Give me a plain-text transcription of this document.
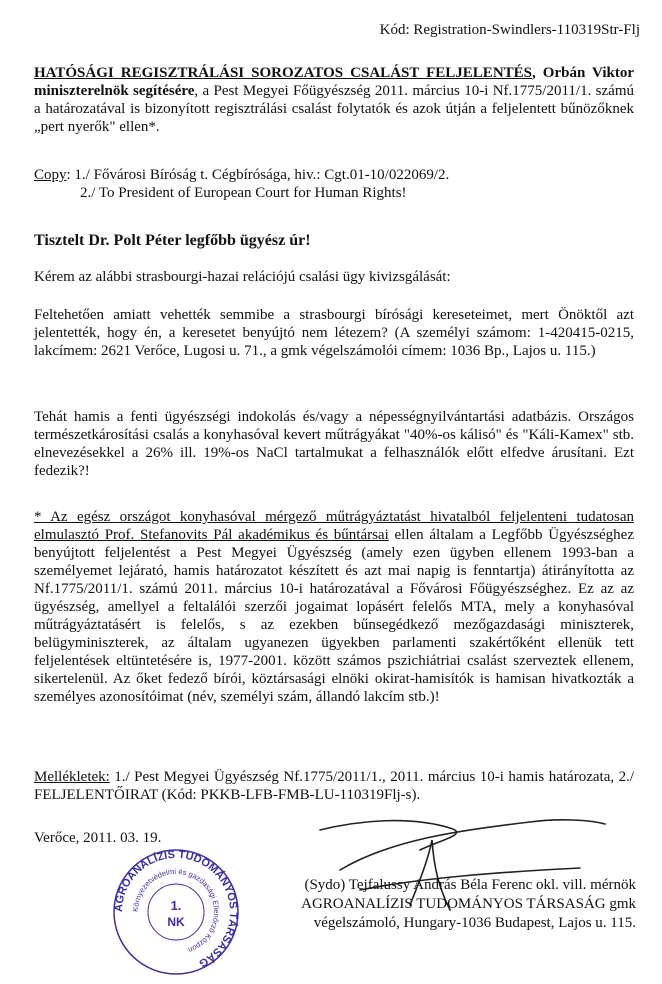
Kód: Registration-Swindlers-110319Str-Flj
HATÓSÁGI REGISZTRÁLÁSI SOROZATOS CSALÁST FELJELENTÉS, Orbán Viktor miniszterelnök segítésére, a Pest Megyei Főügyészség 2011. március 10-i Nf.1775/2011/1. számú a határozatával is bizonyított regisztrálási csalást folytatók és azok útján a feljelentett bűnözőknek „pert nyerők" ellen*.
Copy: 1./ Fővárosi Bíróság t. Cégbírósága, hiv.: Cgt.01-10/022069/2.
2./ To President of European Court for Human Rights!
Tisztelt Dr. Polt Péter legfőbb ügyész úr!
Kérem az alábbi strasbourgi-hazai relációjú csalási ügy kivizsgálását:
Feltehetően amiatt vehették semmibe a strasbourgi bírósági kereseteimet, mert Önöktől azt jelentették, hogy én, a keresetet benyújtó nem létezem? (A személyi számom: 1-420415-0215, lakcímem: 2621 Verőce, Lugosi u. 71., a gmk végelszámolói címem: 1036 Bp., Lajos u. 115.)
Tehát hamis a fenti ügyészségi indokolás és/vagy a népességnyilvántartási adatbázis. Országos természetkárosítási csalás a konyhasóval kevert műtrágyákat "40%-os kálisó" és "Káli-Kamex" stb. elnevezésekkel a 26% ill. 19%-os NaCl tartalmukat a felhasználók előtt elfedve árusítani. Ezt fedezik?!
* Az egész országot konyhasóval mérgező műtrágyáztatást hivatalból feljelenteni tudatosan elmulasztó Prof. Stefanovits Pál akadémikus és bűntársai ellen általam a Legfőbb Ügyészséghez benyújtott feljelentést a Pest Megyei Ügyészség (amely ezen ügyben ellenem 1993-ban a személyemet lejárató, hamis határozatot készített és azt mai napig is fenntartja) átirányította az Nf.1775/2011/1. számú 2011. március 10-i határozatával a Fővárosi Főügyészséghez. Ez az az ügyészség, amellyel a feltalálói szerzői jogaimat lopásért felelős MTA, mely a konyhasóval műtrágyáztatásért is felelős, s az ezekben bűnsegédkező mezőgazdasági miniszterek, belügyminiszterek, az általam ugyanezen ügyekben parlamenti szakértőként ellenük tett feljelentések eltüntetésére is, 1977-2001. között számos pszichiátriai csalást szerveztek ellenem, sikertelenül. Az őket fedező bírói, köztársasági elnöki okirat-hamisítók is hamisan hivatkozták a személyes azonosítóimat (név, személyi szám, állandó lakcím stb.)!
Mellékletek: 1./ Pest Megyei Ügyészség Nf.1775/2011/1., 2011. március 10-i hamis határozata, 2./ FELJELENTŐIRAT (Kód: PKKB-LFB-FMB-LU-110319Flj-s).
Verőce, 2011. 03. 19.
AGROANALÍZIS TUDOMÁNYOS TÁRSASÁG
Környezetvédelmi és gazdasági Ellenőrző Közpon
1.
NK
(Sydo) Tejfalussy András Béla Ferenc okl. vill. mérnök
AGROANALÍZIS TUDOMÁNYOS TÁRSASÁG gmk
végelszámoló, Hungary-1036 Budapest, Lajos u. 115.
